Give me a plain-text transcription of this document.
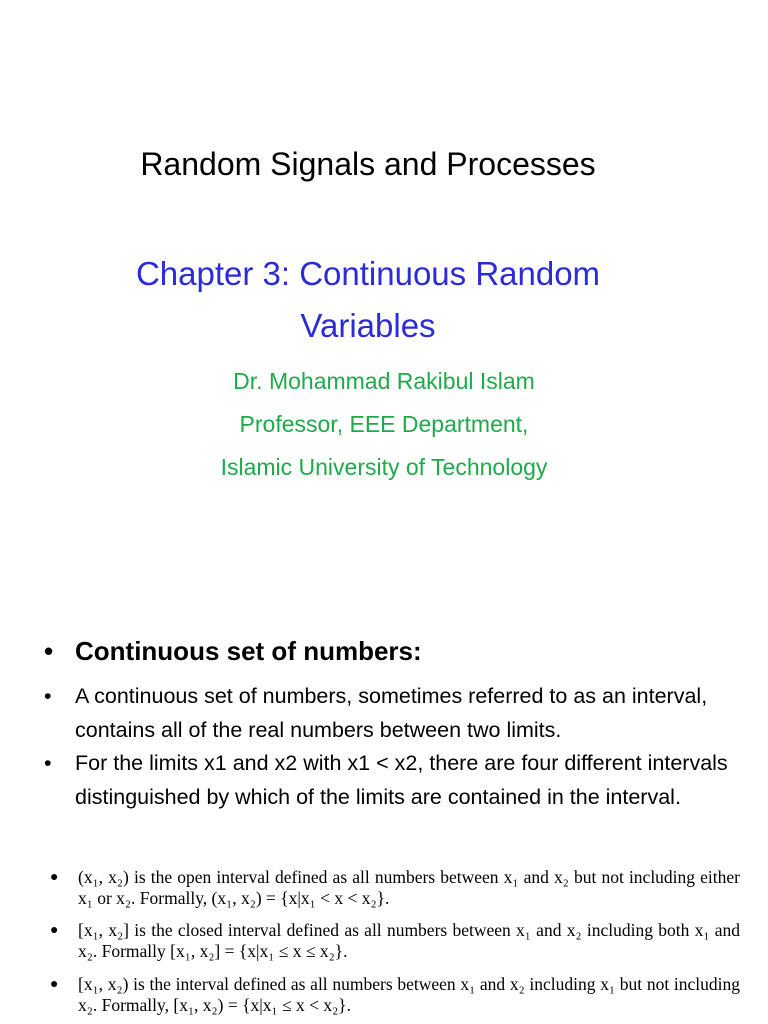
Random Signals and Processes
Chapter 3: Continuous Random
Variables
Dr. Mohammad Rakibul Islam
Professor, EEE Department,
Islamic University of Technology
• Continuous set of numbers:
• A continuous set of numbers, sometimes referred to as an interval, contains all of the real numbers between two limits.
• For the limits x1 and x2 with x1 < x2, there are four different intervals distinguished by which of the limits are contained in the interval.
● (x₁, x₂) is the open interval defined as all numbers between x₁ and x₂ but not including either x₁ or x₂. Formally, (x₁, x₂) = {x|x₁ < x < x₂}.
● [x₁, x₂] is the closed interval defined as all numbers between x₁ and x₂ including both x₁ and x₂. Formally [x₁, x₂] = {x|x₁ ≤ x ≤ x₂}.
● [x₁, x₂) is the interval defined as all numbers between x₁ and x₂ including x₁ but not including x₂. Formally, [x₁, x₂) = {x|x₁ ≤ x < x₂}.
